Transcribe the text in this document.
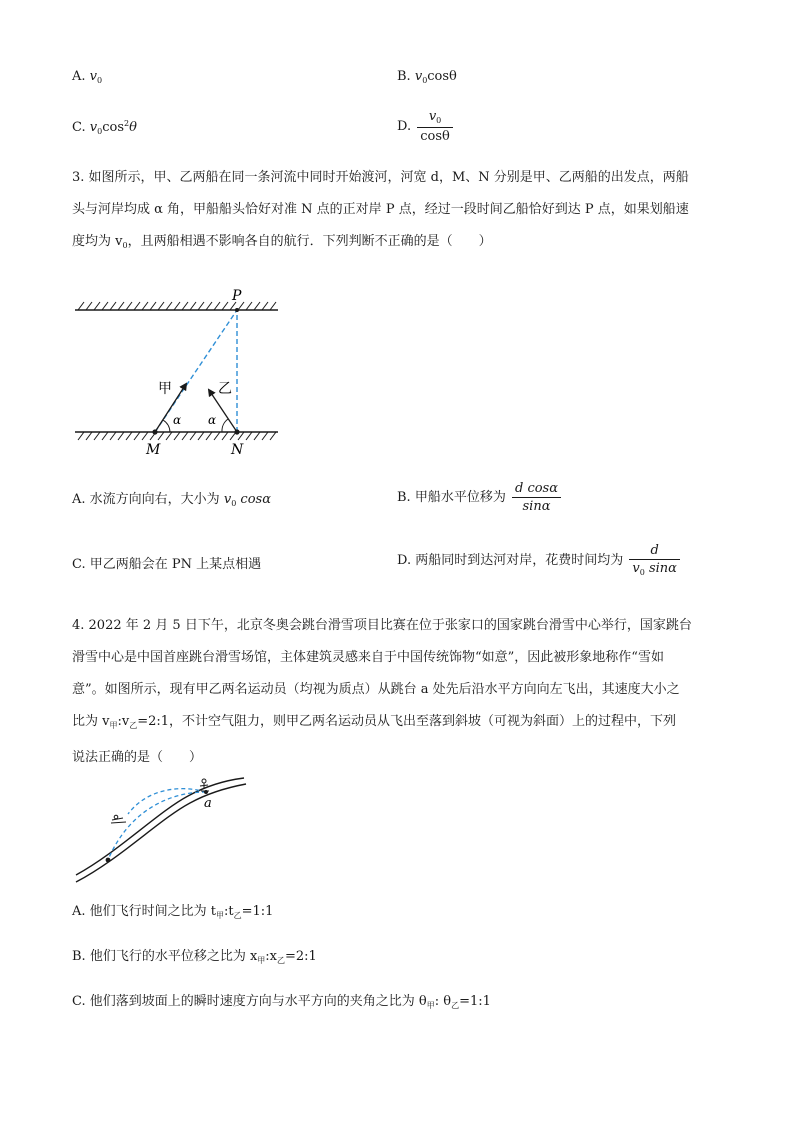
A. $v_0$	B. $v_0\cos\theta$
C. $v_0\cos^2\theta$	D. $\frac{v_0}{\cos\theta}$
3. 如图所示，甲、乙两船在同一条河流中同时开始渡河，河宽 d，M、N 分别是甲、乙两船的出发点，两船
头与河岸均成 α 角，甲船船头恰好对准 N 点的正对岸 P 点，经过一段时间乙船恰好到达 P 点，如果划船速
度均为 $v_0$，且两船相遇不影响各自的航行．下列判断不正确的是（　　）
P
M	N
甲	乙
α α
A. 水流方向向右，大小为 $v_0$ cosα	B. 甲船水平位移为 $\frac{\text{d cosα}}{\sin\alpha}$
C. 甲乙两船会在 PN 上某点相遇	D. 两船同时到达河对岸，花费时间均为 $\frac{d}{v_0 \sin\alpha}$
4. 2022 年 2 月 5 日下午，北京冬奥会跳台滑雪项目比赛在位于张家口的国家跳台滑雪中心举行，国家跳台
滑雪中心是中国首座跳台滑雪场馆，主体建筑灵感来自于中国传统饰物“如意”，因此被形象地称作“雪如
意”。如图所示，现有甲乙两名运动员（均视为质点）从跳台 a 处先后沿水平方向向左飞出，其速度大小之
比为 $v_甲:v_乙=2:1$，不计空气阻力，则甲乙两名运动员从飞出至落到斜坡（可视为斜面）上的过程中，下列
说法正确的是（　　）
a
A. 他们飞行时间之比为 $t_甲:t_乙=1:1$
B. 他们飞行的水平位移之比为 $x_甲:x_乙=2:1$
C. 他们落到坡面上的瞬时速度方向与水平方向的夹角之比为 $\theta_甲$: $\theta_乙=1:1$
